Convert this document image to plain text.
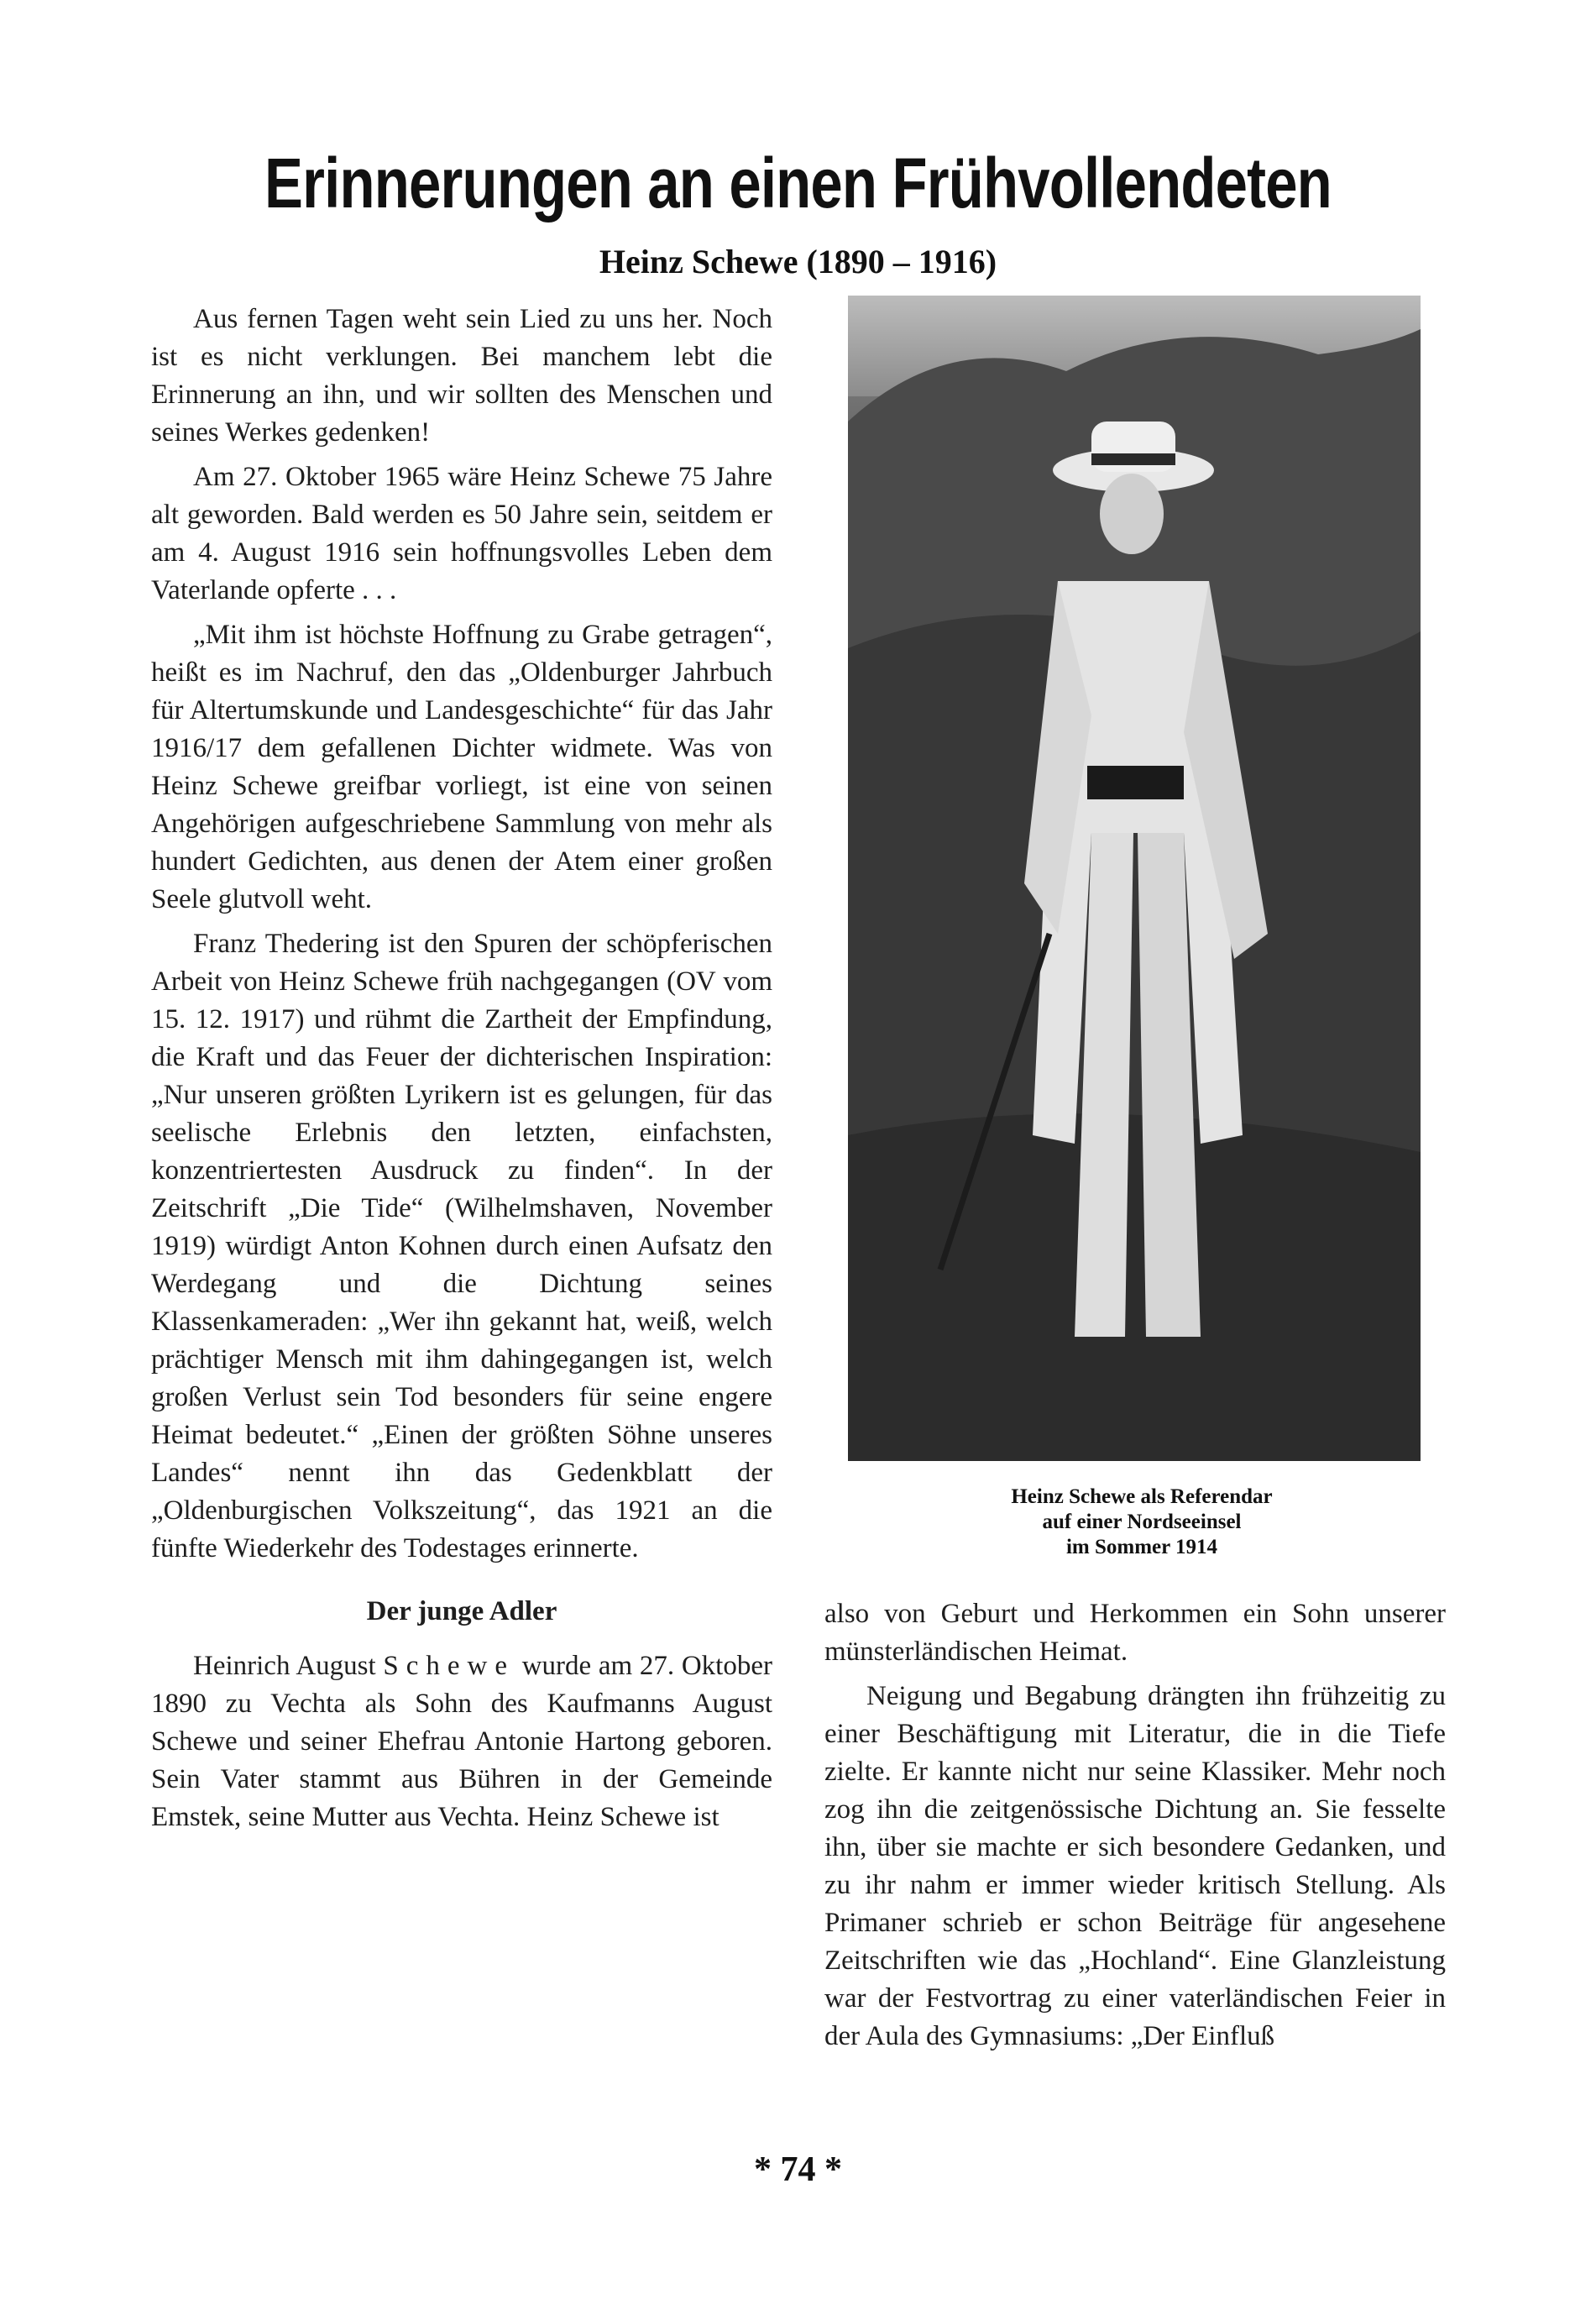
Erinnerungen an einen Frühvollendeten
Heinz Schewe (1890 – 1916)

Aus fernen Tagen weht sein Lied zu uns her. Noch ist es nicht verklungen. Bei manchem lebt die Erinnerung an ihn, und wir sollten des Menschen und seines Werkes gedenken!

Am 27. Oktober 1965 wäre Heinz Schewe 75 Jahre alt geworden. Bald werden es 50 Jahre sein, seitdem er am 4. August 1916 sein hoffnungsvolles Leben dem Vaterlande opferte . . .

„Mit ihm ist höchste Hoffnung zu Grabe getragen“, heißt es im Nachruf, den das „Oldenburger Jahrbuch für Altertumskunde und Landesgeschichte“ für das Jahr 1916/17 dem gefallenen Dichter widmete. Was von Heinz Schewe greifbar vorliegt, ist eine von seinen Angehörigen aufgeschriebene Sammlung von mehr als hundert Gedichten, aus denen der Atem einer großen Seele glutvoll weht.

Franz Thedering ist den Spuren der schöpferischen Arbeit von Heinz Schewe früh nachgegangen (OV vom 15. 12. 1917) und rühmt die Zartheit der Empfindung, die Kraft und das Feuer der dichterischen Inspiration: „Nur unseren größten Lyrikern ist es gelungen, für das seelische Erlebnis den letzten, einfachsten, konzentriertesten Ausdruck zu finden“. In der Zeitschrift „Die Tide“ (Wilhelmshaven, November 1919) würdigt Anton Kohnen durch einen Aufsatz den Werdegang und die Dichtung seines Klassenkameraden: „Wer ihn gekannt hat, weiß, welch prächtiger Mensch mit ihm dahingegangen ist, welch großen Verlust sein Tod besonders für seine engere Heimat bedeutet.“ „Einen der größten Söhne unseres Landes“ nennt ihn das Gedenkblatt der „Oldenburgischen Volkszeitung“, das 1921 an die fünfte Wiederkehr des Todestages erinnerte.

Der junge Adler

Heinrich August Schewe wurde am 27. Oktober 1890 zu Vechta als Sohn des Kaufmanns August Schewe und seiner Ehefrau Antonie Hartong geboren. Sein Vater stammt aus Bühren in der Gemeinde Emstek, seine Mutter aus Vechta. Heinz Schewe ist

Heinz Schewe als Referendar
auf einer Nordseeinsel
im Sommer 1914

also von Geburt und Herkommen ein Sohn unserer münsterländischen Heimat.

Neigung und Begabung drängten ihn frühzeitig zu einer Beschäftigung mit Literatur, die in die Tiefe zielte. Er kannte nicht nur seine Klassiker. Mehr noch zog ihn die zeitgenössische Dichtung an. Sie fesselte ihn, über sie machte er sich besondere Gedanken, und zu ihr nahm er immer wieder kritisch Stellung. Als Primaner schrieb er schon Beiträge für angesehene Zeitschriften wie das „Hochland“. Eine Glanzleistung war der Festvortrag zu einer vaterländischen Feier in der Aula des Gymnasiums: „Der Einfluß

* 74 *
